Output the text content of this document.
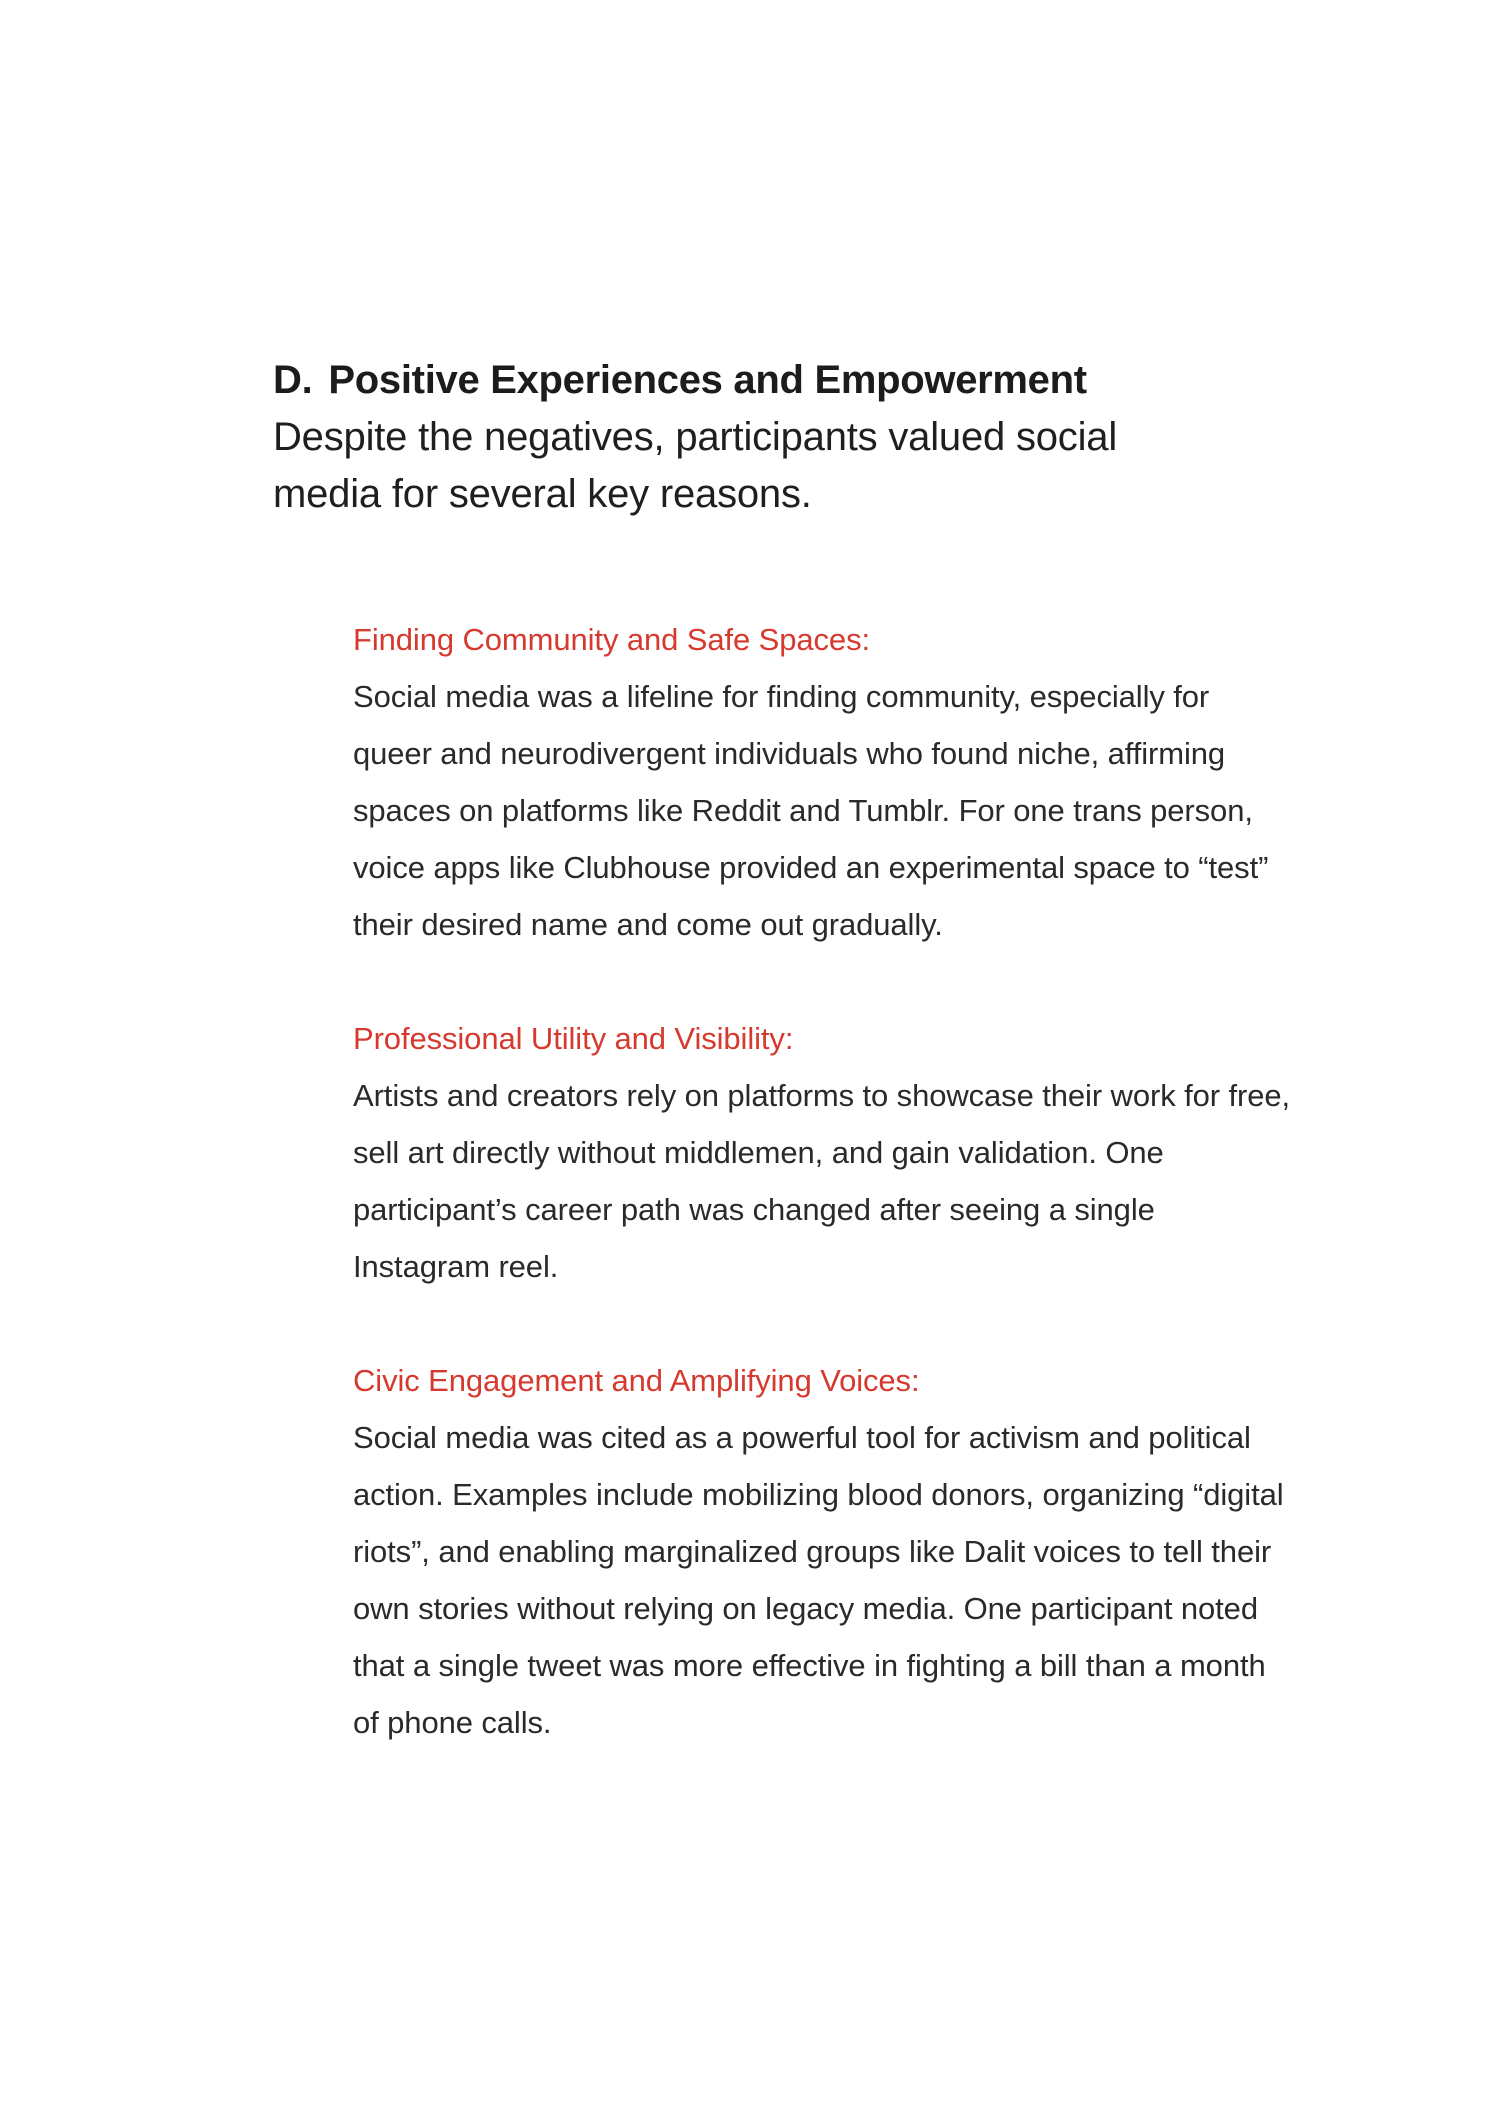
D. Positive Experiences and Empowerment

Despite the negatives, participants valued social media for several key reasons.

Finding Community and Safe Spaces:
Social media was a lifeline for finding community, especially for queer and neurodivergent individuals who found niche, affirming spaces on platforms like Reddit and Tumblr. For one trans person, voice apps like Clubhouse provided an experimental space to “test” their desired name and come out gradually.
Professional Utility and Visibility:
Artists and creators rely on platforms to showcase their work for free, sell art directly without middlemen, and gain validation. One participant’s career path was changed after seeing a single Instagram reel.
Civic Engagement and Amplifying Voices:
Social media was cited as a powerful tool for activism and political action. Examples include mobilizing blood donors, organizing “digital riots”, and enabling marginalized groups like Dalit voices to tell their own stories without relying on legacy media. One participant noted that a single tweet was more effective in fighting a bill than a month of phone calls.
